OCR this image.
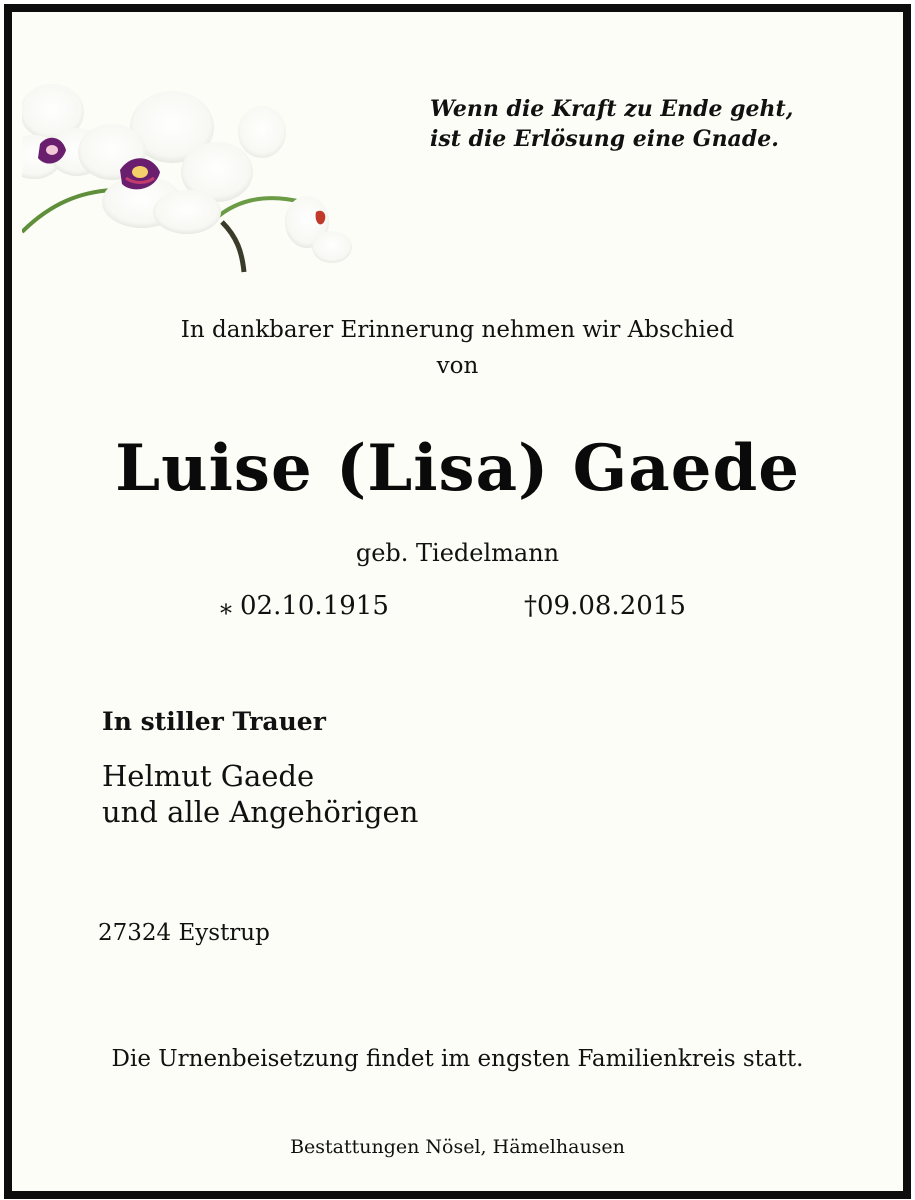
Wenn die Kraft zu Ende geht,
ist die Erlösung eine Gnade.
In dankbarer Erinnerung nehmen wir Abschied
von
Luise (Lisa) Gaede
geb. Tiedelmann
⁎ 02.10.1915	†09.08.2015
In stiller Trauer
Helmut Gaede
und alle Angehörigen
27324 Eystrup
Die Urnenbeisetzung findet im engsten Familienkreis statt.
Bestattungen Nösel, Hämelhausen
